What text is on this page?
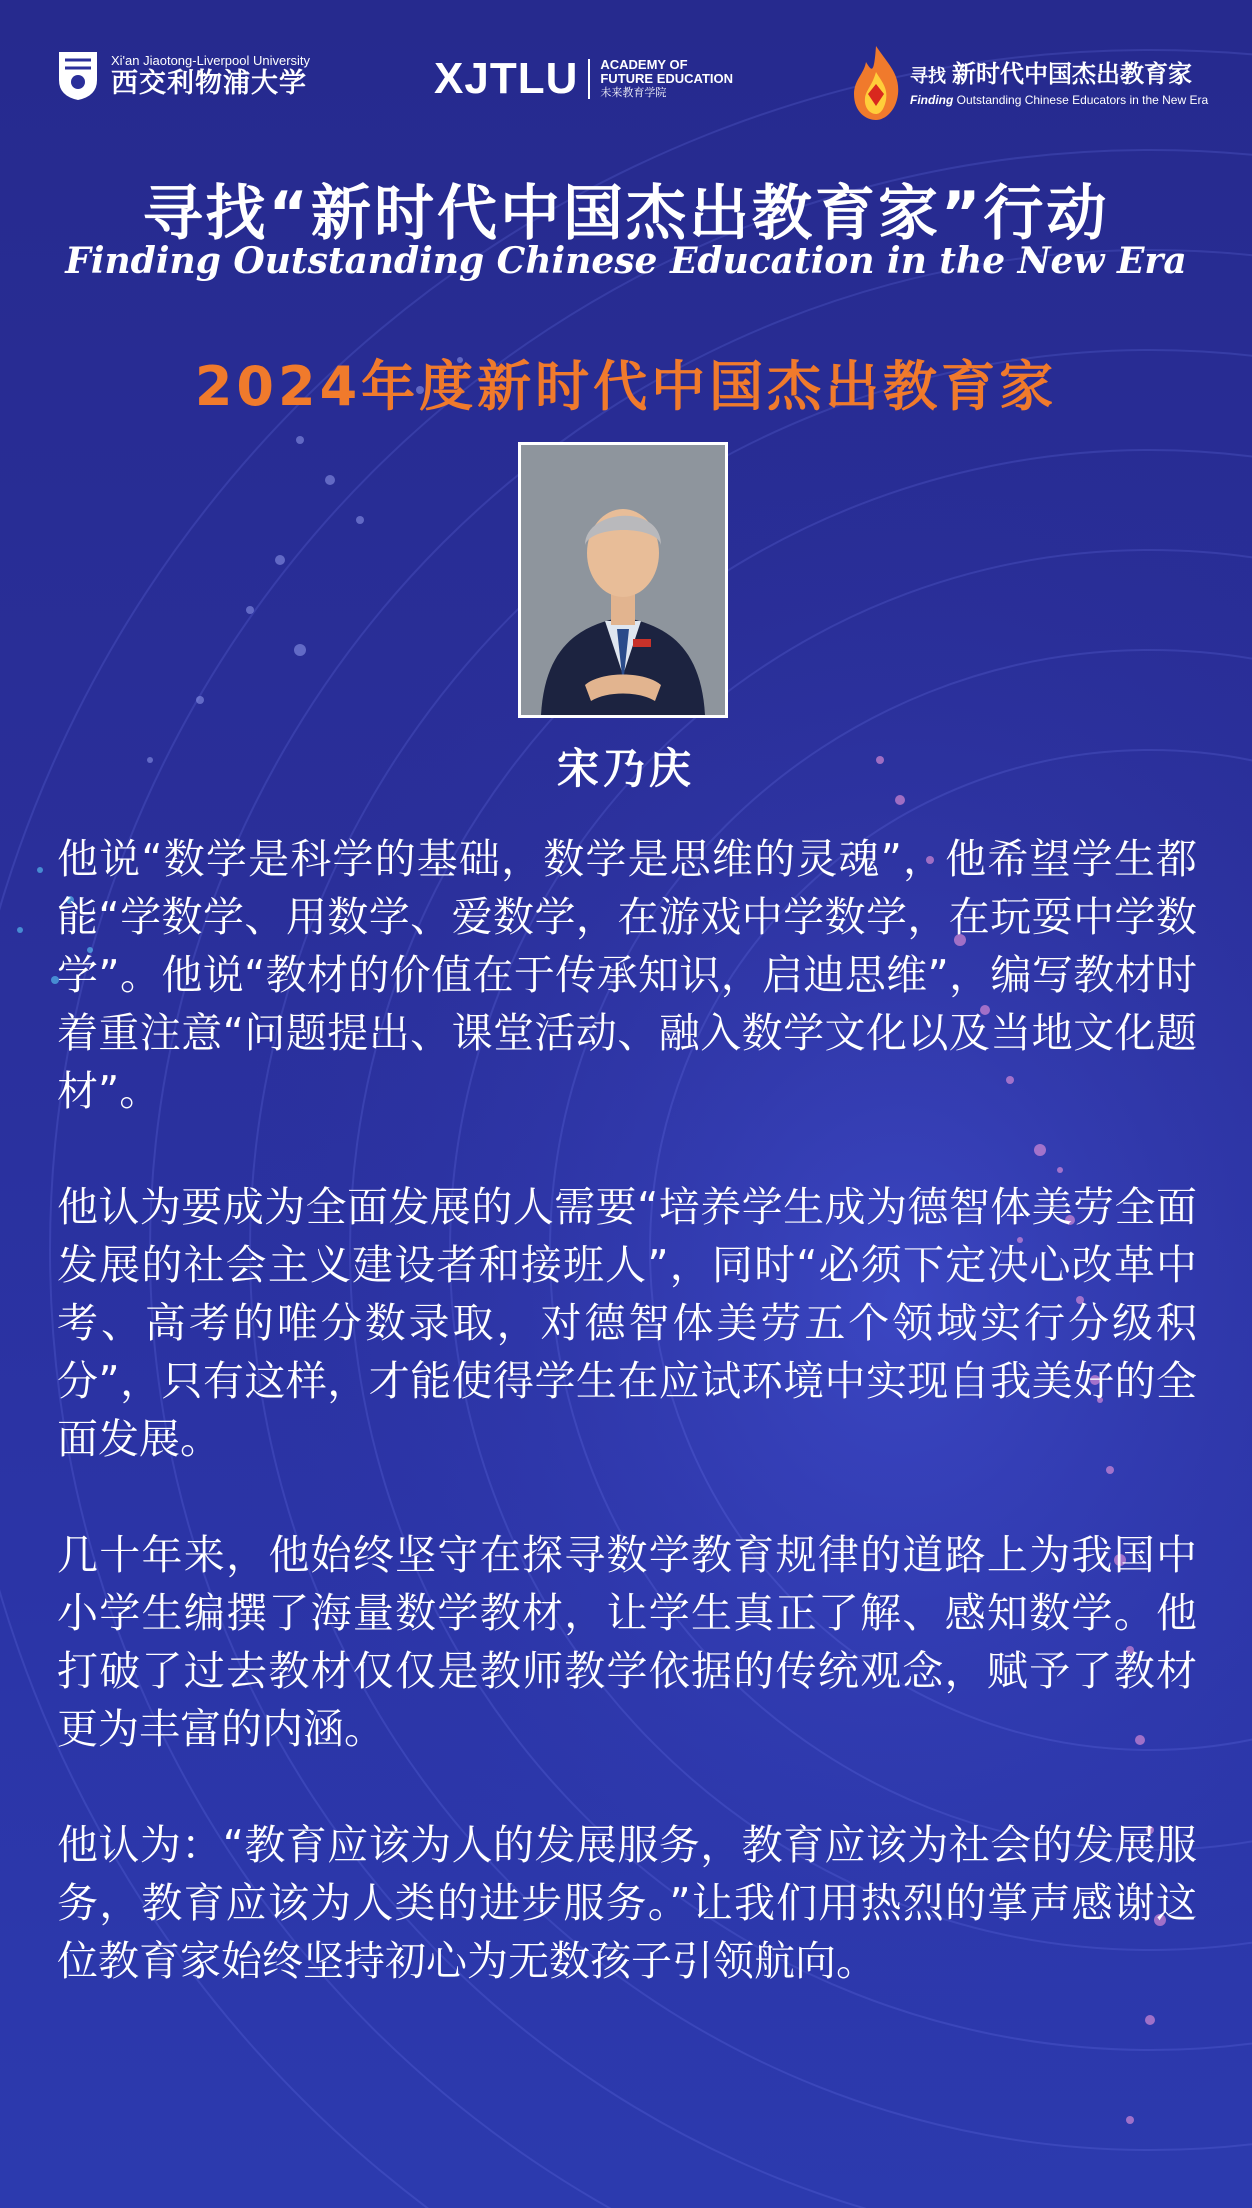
Xi'an Jiaotong-Liverpool University
西交利物浦大学	XJTLU ACADEMY OF
FUTURE EDUCATION
未来教育学院
寻找 新时代中国杰出教育家
Finding Outstanding Chinese Educators in the New Era
寻找“新时代中国杰出教育家”行动
Finding Outstanding Chinese Education in the New Era
2024年度新时代中国杰出教育家
宋乃庆

他说“数学是科学的基础，数学是思维的灵魂”，他希望学生都能“学数学、用数学、爱数学，在游戏中学数学，在玩耍中学数学”。他说“教材的价值在于传承知识，启迪思维”，编写教材时着重注意“问题提出、课堂活动、融入数学文化以及当地文化题材”。

他认为要成为全面发展的人需要“培养学生成为德智体美劳全面发展的社会主义建设者和接班人”，同时“必须下定决心改革中考、高考的唯分数录取，对德智体美劳五个领域实行分级积分”，只有这样，才能使得学生在应试环境中实现自我美好的全面发展。

几十年来，他始终坚守在探寻数学教育规律的道路上为我国中小学生编撰了海量数学教材，让学生真正了解、感知数学。他打破了过去教材仅仅是教师教学依据的传统观念，赋予了教材更为丰富的内涵。

他认为：“教育应该为人的发展服务，教育应该为社会的发展服务，教育应该为人类的进步服务。”让我们用热烈的掌声感谢这位教育家始终坚持初心为无数孩子引领航向。
